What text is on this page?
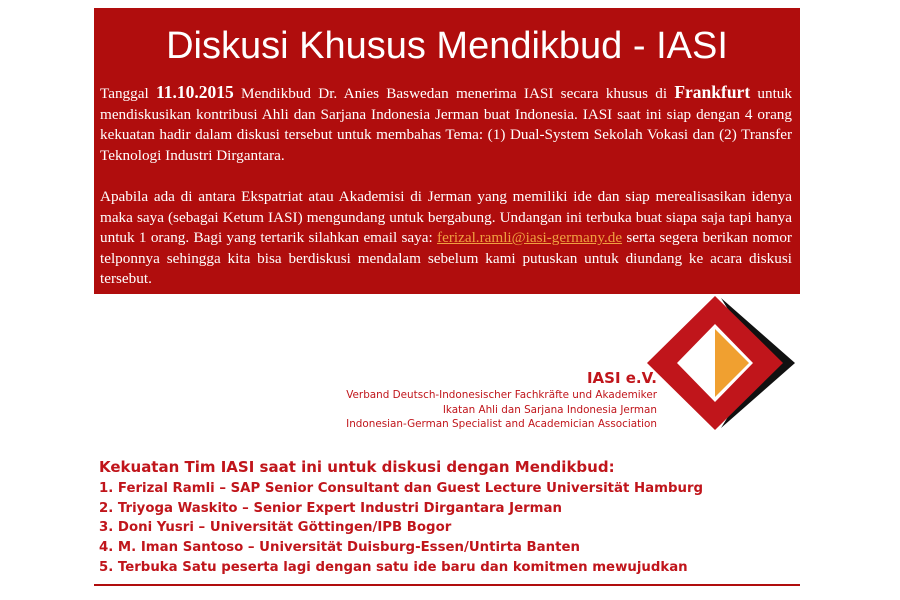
Diskusi Khusus Mendikbud - IASI

Tanggal 11.10.2015 Mendikbud Dr. Anies Baswedan menerima IASI secara khusus di Frankfurt untuk mendiskusikan kontribusi Ahli dan Sarjana Indonesia Jerman buat Indonesia. IASI saat ini siap dengan 4 orang kekuatan hadir dalam diskusi tersebut untuk membahas Tema: (1) Dual-System Sekolah Vokasi dan (2) Transfer Teknologi Industri Dirgantara.

Apabila ada di antara Ekspatriat atau Akademisi di Jerman yang memiliki ide dan siap merealisasikan idenya maka saya (sebagai Ketum IASI) mengundang untuk bergabung. Undangan ini terbuka buat siapa saja tapi hanya untuk 1 orang. Bagi yang tertarik silahkan email saya: ferizal.ramli@iasi-germany.de serta segera berikan nomor telponnya sehingga kita bisa berdiskusi mendalam sebelum kami putuskan untuk diundang ke acara diskusi tersebut.

IASI e.V.
Verband Deutsch-Indonesischer Fachkräfte und Akademiker
Ikatan Ahli dan Sarjana Indonesia Jerman
Indonesian-German Specialist and Academician Association
Kekuatan Tim IASI saat ini untuk diskusi dengan Mendikbud:
1. Ferizal Ramli – SAP Senior Consultant dan Guest Lecture Universität Hamburg
2. Triyoga Waskito – Senior Expert Industri Dirgantara Jerman
3. Doni Yusri – Universität Göttingen/IPB Bogor
4. M. Iman Santoso – Universität Duisburg-Essen/Untirta Banten
5. Terbuka Satu peserta lagi dengan satu ide baru dan komitmen mewujudkan
